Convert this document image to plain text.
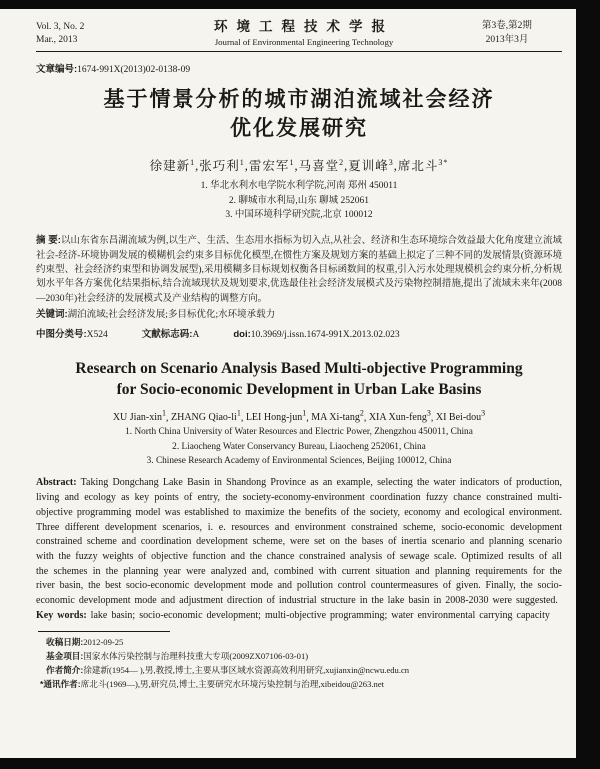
Vol. 3, No. 2
Mar., 2013
环境工程技术学报
Journal of Environmental Engineering Technology
第3卷,第2期
2013年3月
文章编号:1674-991X(2013)02-0138-09
基于情景分析的城市湖泊流域社会经济
优化发展研究
徐建新$^1$,张巧利$^1$,雷宏军$^1$,马喜堂$^2$,夏训峰$^3$,席北斗$^{3*}$
1. 华北水利水电学院水利学院,河南 郑州 450011
2. 聊城市水利局,山东 聊城 252061
3. 中国环境科学研究院,北京 100012
摘 要:以山东省东昌湖流域为例,以生产、生活、生态用水指标为切入点,从社会、经济和生态环境综合效益最大化角度建立流域社会-经济-环境协调发展的模糊机会约束多目标优化模型,在惯性方案及规划方案的基础上拟定了三种不同的发展情景(资源环境约束型、社会经济约束型和协调发展型),采用模糊多目标规划权衡各目标函数间的权重,引入污水处理规模机会约束分析,分析规划水平年各方案优化结果指标,结合流域现状及规划要求,优选最佳社会经济发展模式及污染物控制措施,提出了流域未来年(2008—2030年)社会经济的发展模式及产业结构的调整方向。
关键词:湖泊流域;社会经济发展;多目标优化;水环境承载力
中图分类号:X524	文献标志码:A	doi:10.3969/j.issn.1674-991X.2013.02.023
Research on Scenario Analysis Based Multi-objective Programming
for Socio-economic Development in Urban Lake Basins
XU Jian-xin$^1$, ZHANG Qiao-$li^1$, LEI Hong-jun$^1$, MA Xi-tang$^2$, XIA Xun-feng$^3$, XI Bei-dou$^3$
1. North China University of Water Resources and Electric Power, Zhengzhou 450011, China
2. Liaocheng Water Conservancy Bureau, Liaocheng 252061, China
3. Chinese Research Academy of Environmental Sciences, Beijing 100012, China
Abstract: Taking Dongchang Lake Basin in Shandong Province as an example, selecting the water indicators of production, living and ecology as key points of entry, the society-economy-environment coordination fuzzy chance constrained multi-objective programming model was established to maximize the benefits of the society, economy and ecological environment. Three different development scenarios, i. e. resources and environment constrained scheme, socio-economic development constrained scheme and coordination development scheme, were set on the bases of inertia scenario and planning scenario with the fuzzy weights of objective function and the chance constrained analysis of sewage scale. Optimized results of all the schemes in the planning year were analyzed and, combined with current situation and planning requirements for the river basin, the best socio-economic development mode and pollution control countermeasures of given. Finally, the socio-economic development mode and adjustment direction of industrial structure in the lake basin in 2008-2030 were suggested.
Key words: lake basin; socio-economic development; multi-objective programming; water environmental carrying capacity
收稿日期:2012-09-25
基金项目:国家水体污染控制与治理科技重大专项(2009ZX07106-03-01)
作者简介:徐建新(1954— ),男,教授,博士,主要从事区域水资源高效利用研究,xujianxin@ncwu.edu.cn
*通讯作者:席北斗(1969—),男,研究员,博士,主要研究水环境污染控制与治理,xibeidou@263.net
